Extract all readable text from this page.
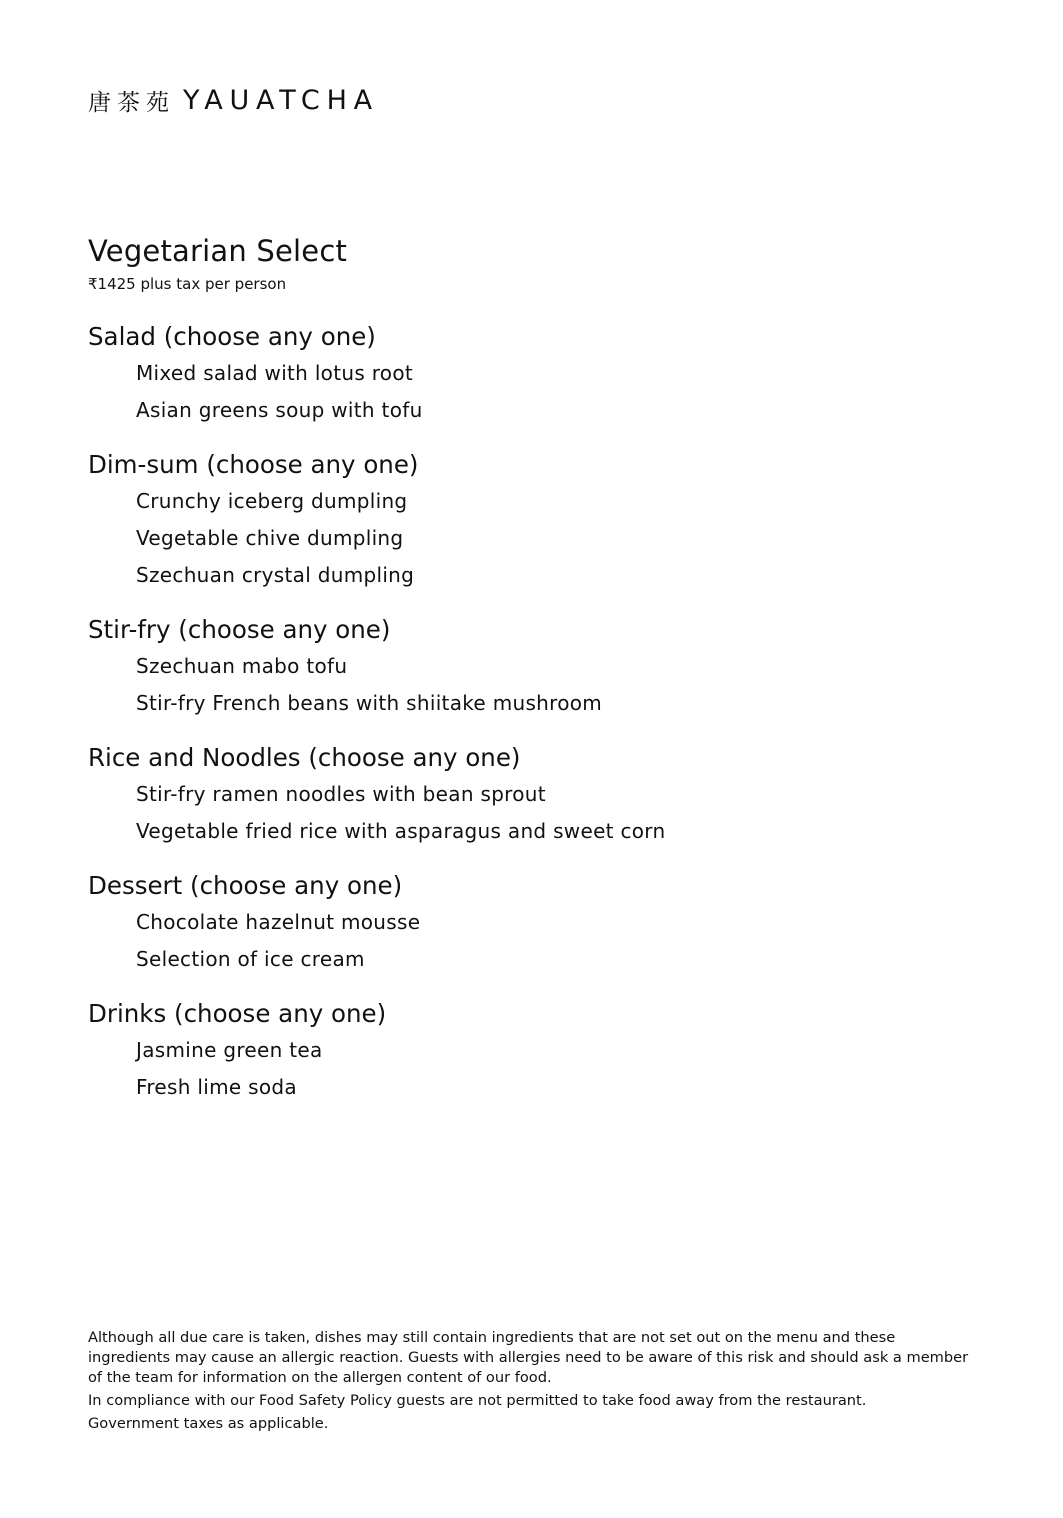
唐茶苑 YAUATCHA
Vegetarian Select
₹1425 plus tax per person
Salad (choose any one)
Mixed salad with lotus root
Asian greens soup with tofu
Dim-sum (choose any one)
Crunchy iceberg dumpling
Vegetable chive dumpling
Szechuan crystal dumpling
Stir-fry (choose any one)
Szechuan mabo tofu
Stir-fry French beans with shiitake mushroom
Rice and Noodles (choose any one)
Stir-fry ramen noodles with bean sprout
Vegetable fried rice with asparagus and sweet corn
Dessert (choose any one)
Chocolate hazelnut mousse
Selection of ice cream
Drinks (choose any one)
Jasmine green tea
Fresh lime soda

Although all due care is taken, dishes may still contain ingredients that are not set out on the menu and these ingredients may cause an allergic reaction. Guests with allergies need to be aware of this risk and should ask a member of the team for information on the allergen content of our food.

In compliance with our Food Safety Policy guests are not permitted to take food away from the restaurant.

Government taxes as applicable.
